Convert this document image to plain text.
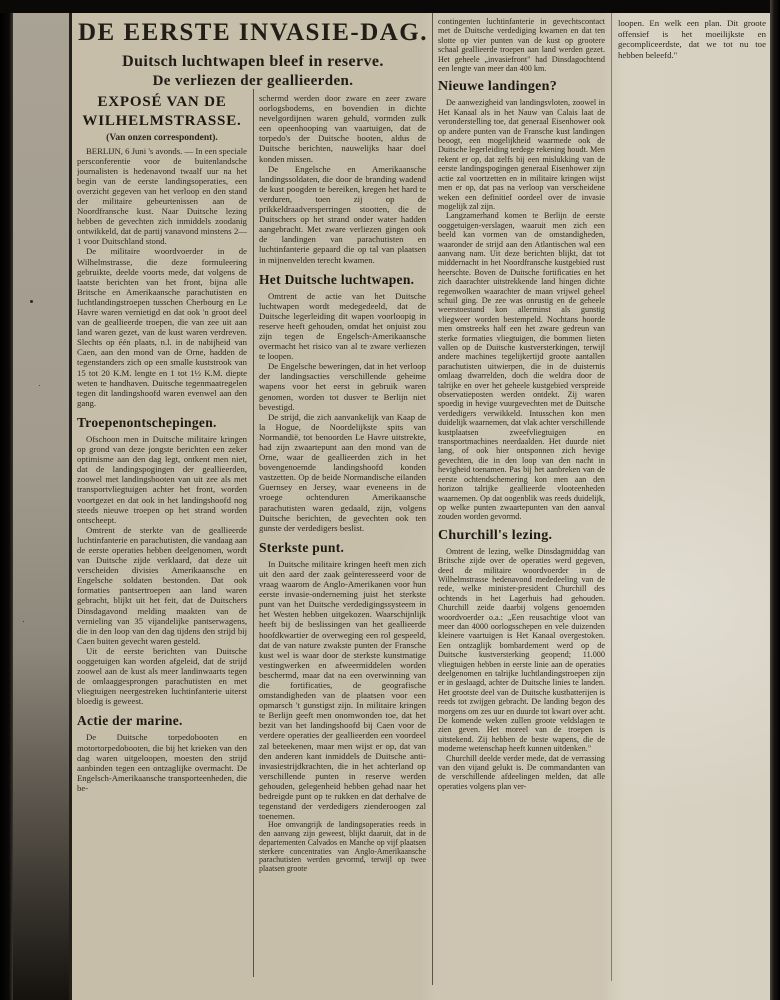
DE EERSTE INVASIE-DAG.
Duitsch luchtwapen bleef in reserve.
De verliezen der geallieerden.
EXPOSÉ VAN DE
WILHELMSTRASSE.
(Van onzen correspondent).

BERLIJN, 6 Juni 's avonds. — In een speciale persconferentie voor de buitenlandsche journalisten is hedenavond twaalf uur na het begin van de eerste landingsoperaties, een overzicht gegeven van het verloop en den stand der militaire gebeurtenissen aan de Noordfransche kust. Naar Duitsche lezing hebben de gevechten zich inmiddels zoodanig ontwikkeld, dat de partij vanavond minstens 2—1 voor Duitschland stond.

De militaire woordvoerder in de Wilhelmstrasse, die deze formuleering gebruikte, deelde voorts mede, dat volgens de laatste berichten van het front, bijna alle Britsche en Amerikaansche parachutisten en luchtlandingstroepen tusschen Cherbourg en Le Havre waren vernietigd en dat ook 'n groot deel van de geallieerde troepen, die van zee uit aan land waren gezet, van de kust waren verdreven. Slechts op één plaats, n.l. in de nabijheid van Caen, aan den mond van de Orne, hadden de tegenstanders zich op een smalle kuststrook van 15 tot 20 K.M. lengte en 1 tot 1½ K.M. diepte weten te handhaven. Duitsche tegenmaatregelen tegen dit landingshoofd waren evenwel aan den gang.

Troepenontschepingen.

Ofschoon men in Duitsche militaire kringen op grond van deze jongste berichten een zeker optimisme aan den dag legt, ontkent men niet, dat de landingspogingen der geallieerden, zoowel met landingsbooten van uit zee als met transportvliegtuigen achter het front, worden voortgezet en dat ook in het landingshoofd nog steeds nieuwe troepen op het strand worden ontscheept.

Omtrent de sterkte van de geallieerde luchtinfanterie en parachutisten, die vandaag aan de eerste operaties hebben deelgenomen, wordt van Duitsche zijde verklaard, dat deze uit verscheiden divisies Amerikaansche en Engelsche soldaten bestonden. Dat ook formaties pantsertroepen aan land waren gebracht, blijkt uit het feit, dat de Duitschers Dinsdagavond melding maakten van de vernieling van 35 vijandelijke pantserwagens, die in den loop van den dag tijdens den strijd bij Caen buiten gevecht waren gesteld.

Uit de eerste berichten van Duitsche ooggetuigen kan worden afgeleid, dat de strijd zoowel aan de kust als meer landinwaarts tegen de omlaaggesprongen parachutisten en met vliegtuigen neergestreken luchtinfanterie uiterst bloedig is geweest.

Actie der marine.

De Duitsche torpedobooten en motortorpedobooten, die bij het krieken van den dag waren uitgeloopen, moesten den strijd aanbinden tegen een ontzaglijke overmacht. De Engelsch-Amerikaansche transporteenheden, die be-

schermd werden door zware en zeer zware oorlogsbodems, en bovendien in dichte nevelgordijnen waren gehuld, vormden zulk een opeenhooping van vaartuigen, dat de torpedo's der Duitsche booten, aldus de Duitsche berichten, nauwelijks haar doel konden missen.

De Engelsche en Amerikaansche landingssoldaten, die door de branding wadend de kust poogden te bereiken, kregen het hard te verduren, toen zij op de prikkeldraadversperringen stootten, die de Duitschers op het strand onder water hadden aangebracht. Met zware verliezen gingen ook de landingen van parachutisten en luchtinfanterie gepaard die op tal van plaatsen in mijnenvelden terecht kwamen.

Het Duitsche luchtwapen.

Omtrent de actie van het Duitsche luchtwapen wordt medegedeeld, dat de Duitsche legerleiding dit wapen voorloopig in reserve heeft gehouden, omdat het onjuist zou zijn tegen de Engelsch-Amerikaansche overmacht het risico van al te zware verliezen te loopen.

De Engelsche beweringen, dat in het verloop der landingsacties verschillende geheime wapens voor het eerst in gebruik waren genomen, worden tot dusver te Berlijn niet bevestigd.

De strijd, die zich aanvankelijk van Kaap de la Hogue, de Noordelijkste spits van Normandië, tot benoorden Le Havre uitstrekte, had zijn zwaartepunt aan den mond van de Orne, waar de geallieerden zich in het bovengenoemde landingshoofd konden vastzetten. Op de beide Normandische eilanden Guernsey en Jersey, waar eveneens in de vroege ochtenduren Amerikaansche parachutisten waren gedaald, zijn, volgens Duitsche berichten, de gevechten ook ten gunste der verdedigers beslist.

Sterkste punt.

In Duitsche militaire kringen heeft men zich uit den aard der zaak geïnteresseerd voor de vraag waarom de Anglo-Amerikanen voor hun eerste invasie-onderneming juist het sterkste punt van het Duitsche verdedigingssysteem in het Westen hebben uitgekozen. Waarschijnlijk heeft bij de beslissingen van het geallieerde hoofdkwartier de overweging een rol gespeeld, dat de van nature zwakste punten der Fransche kust wel is waar door de sterkste kunstmatige vestingwerken en afweermiddelen worden beschermd, maar dat na een overwinning van die fortificaties, de geografische omstandigheden van de plaatsen voor een opmarsch 't gunstigst zijn. In militaire kringen te Berlijn geeft men onomwonden toe, dat het bezit van het landingshoofd bij Caen voor de verdere operaties der geallieerden een voordeel zal beteekenen, maar men wijst er op, dat van den anderen kant inmiddels de Duitsche anti-invasiestrijdkrachten, die in het achterland op verschillende punten in reserve werden gehouden, gelegenheid hebben gehad naar het bedreigde punt op te rukken en dat derhalve de tegenstand der verdedigers zienderoogen zal toenemen.

Hoe omvangrijk de landingsoperaties reeds in den aanvang zijn geweest, blijkt daaruit, dat in de departementen Calvados en Manche op vijf plaatsen sterkere concentraties van Anglo-Amerikaansche parachutisten werden gevormd, terwijl op twee plaatsen groote

contingenten luchtinfanterie in gevechtscontact met de Duitsche verdediging kwamen en dat ten slotte op vier punten van de kust op grootere schaal geallieerde troepen aan land werden gezet. Het geheele „invasiefront" had Dinsdagochtend een lengte van meer dan 400 km.

Nieuwe landingen?

De aanwezigheid van landingsvloten, zoowel in Het Kanaal als in het Nauw van Calais laat de veronderstelling toe, dat generaal Eisenhower ook op andere punten van de Fransche kust landingen beoogt, een mogelijkheid waarmede ook de Duitsche legerleiding terdege rekening houdt. Men rekent er op, dat zelfs bij een mislukking van de eerste landingspogingen generaal Eisenhower zijn actie zal voortzetten en in militaire kringen wijst men er op, dat pas na verloop van verscheidene weken een definitief oordeel over de invasie mogelijk zal zijn.

Langzamerhand komen te Berlijn de eerste ooggetuigen-verslagen, waaruit men zich een beeld kan vormen van de omstandigheden, waaronder de strijd aan den Atlantischen wal een aanvang nam. Uit deze berichten blijkt, dat tot middernacht in het Noordfransche kustgebied rust heerschte. Boven de Duitsche fortificaties en het zich daarachter uitstrekkende land hingen dichte regenwolken waarachter de maan vrijwel geheel schuil ging. De zee was onrustig en de geheele weerstoestand kon allerminst als gunstig vliegweer worden bestempeld. Nochtans hoorde men omstreeks half een het zware gedreun van sterke formaties vliegtuigen, die bommen lieten vallen op de Duitsche kustversterkingen, terwijl andere machines tegelijkertijd groote aantallen parachutisten uitwierpen, die in de duisternis omlaag dwarrelden, doch die weldra door de talrijke en over het geheele kustgebied verspreide observatieposten werden ontdekt. Zij waren spoedig in hevige vuurgevechten met de Duitsche verdedigers verwikkeld. Intusschen kon men duidelijk waarnemen, dat vlak achter verschillende kustplaatsen zweefvliegtuigen en transportmachines neerdaalden. Het duurde niet lang, of ook hier ontsponnen zich hevige gevechten, die in den loop van den nacht in hevigheid toenamen. Pas bij het aanbreken van de eerste ochtendschemering kon men aan den horizon talrijke geallieerde vlooteenheden waarnemen. Op dat oogenblik was reeds duidelijk, op welke punten zwaartepunten van den aanval zouden worden gevormd.

Churchill's lezing.

Omtrent de lezing, welke Dinsdagmiddag van Britsche zijde over de operaties werd gegeven, deed de militaire woordvoerder in de Wilhelmstrasse hedenavond mededeeling van de rede, welke minister-president Churchill des ochtends in het Lagerhuis had gehouden. Churchill zeide daarbij volgens genoemden woordvoerder o.a.: „Een reusachtige vloot van meer dan 4000 oorlogsschepen en vele duizenden kleinere vaartuigen is Het Kanaal overgestoken. Een ontzaglijk bombardement werd op de Duitsche kustversterking geopend; 11.000 vliegtuigen hebben in eerste linie aan de operaties deelgenomen en talrijke luchtlandingstroepen zijn er in geslaagd, achter de Duitsche linies te landen. Het grootste deel van de Duitsche kustbatterijen is reeds tot zwijgen gebracht. De landing begon des morgens om zes uur en duurde tot kwart over acht. De komende weken zullen groote veldslagen te zien geven. Het moreel van de troepen is uitstekend. Zij hebben de beste wapens, die de moderne wetenschap heeft kunnen uitdenken."

Churchill deelde verder mede, dat de verrassing van den vijand gelukt is. De commandanten van de verschillende afdeelingen melden, dat alle operaties volgens plan ver-

loopen. En welk een plan. Dit groote offensief is het moeilijkste en gecompliceerdste, dat we tot nu toe hebben beleefd."
